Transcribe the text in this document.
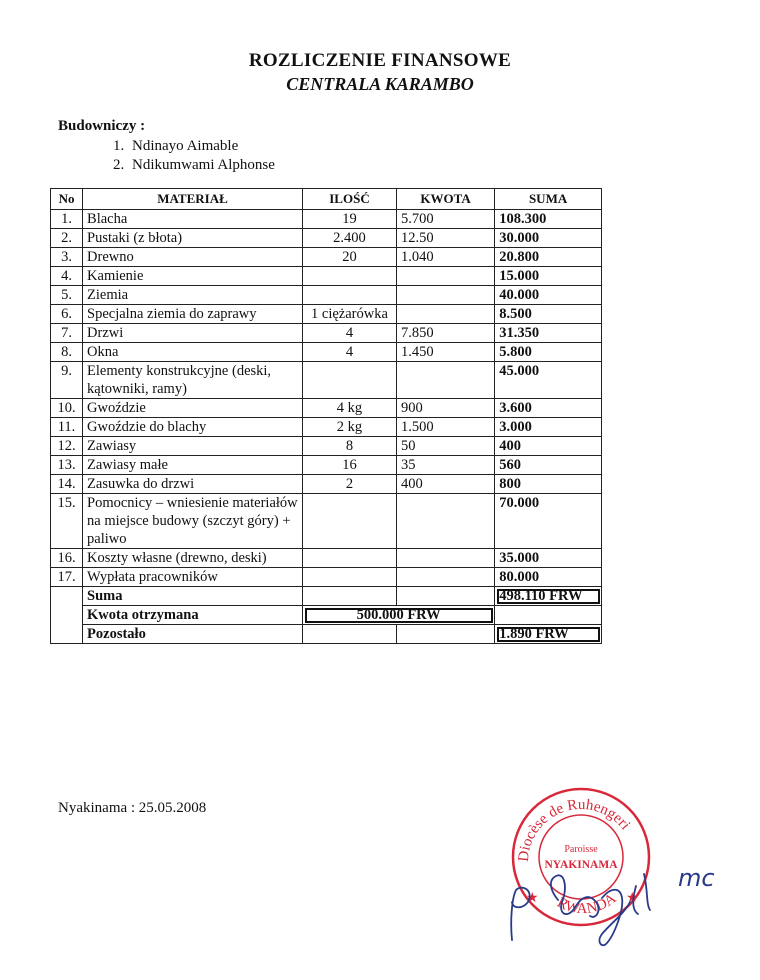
ROZLICZENIE FINANSOWE
CENTRALA KARAMBO
Budowniczy :
1. Ndinayo Aimable
2. Ndikumwami Alphonse
No	MATERIAŁ	ILOŚĆ	KWOTA	SUMA
1.	Blacha	19	5.700	108.300
2.	Pustaki (z błota)	2.400	12.50	30.000
3.	Drewno	20	1.040	20.800
4.	Kamienie			15.000
5.	Ziemia			40.000
6.	Specjalna ziemia do zaprawy	1 ciężarówka		8.500
7.	Drzwi	4	7.850	31.350
8.	Okna	4	1.450	5.800
9.	Elementy konstrukcyjne (deski, kątowniki, ramy)			45.000
10.	Gwoździe	4 kg	900	3.600
11.	Gwoździe do blachy	2 kg	1.500	3.000
12.	Zawiasy	8	50	400
13.	Zawiasy małe	16	35	560
14.	Zasuwka do drzwi	2	400	800
15.	Pomocnicy – wniesienie materiałów na miejsce budowy (szczyt góry) + paliwo			70.000
16.	Koszty własne (drewno, deski)			35.000
17.	Wypłata pracowników			80.000
	Suma			498.110 FRW
	Kwota otrzymana	500.000 FRW		
	Pozostało			1.890 FRW
Nyakinama : 25.05.2008
Diocèse de Ruhengeri
Paroisse
NYAKINAMA
RWANDA
★	★
mc
